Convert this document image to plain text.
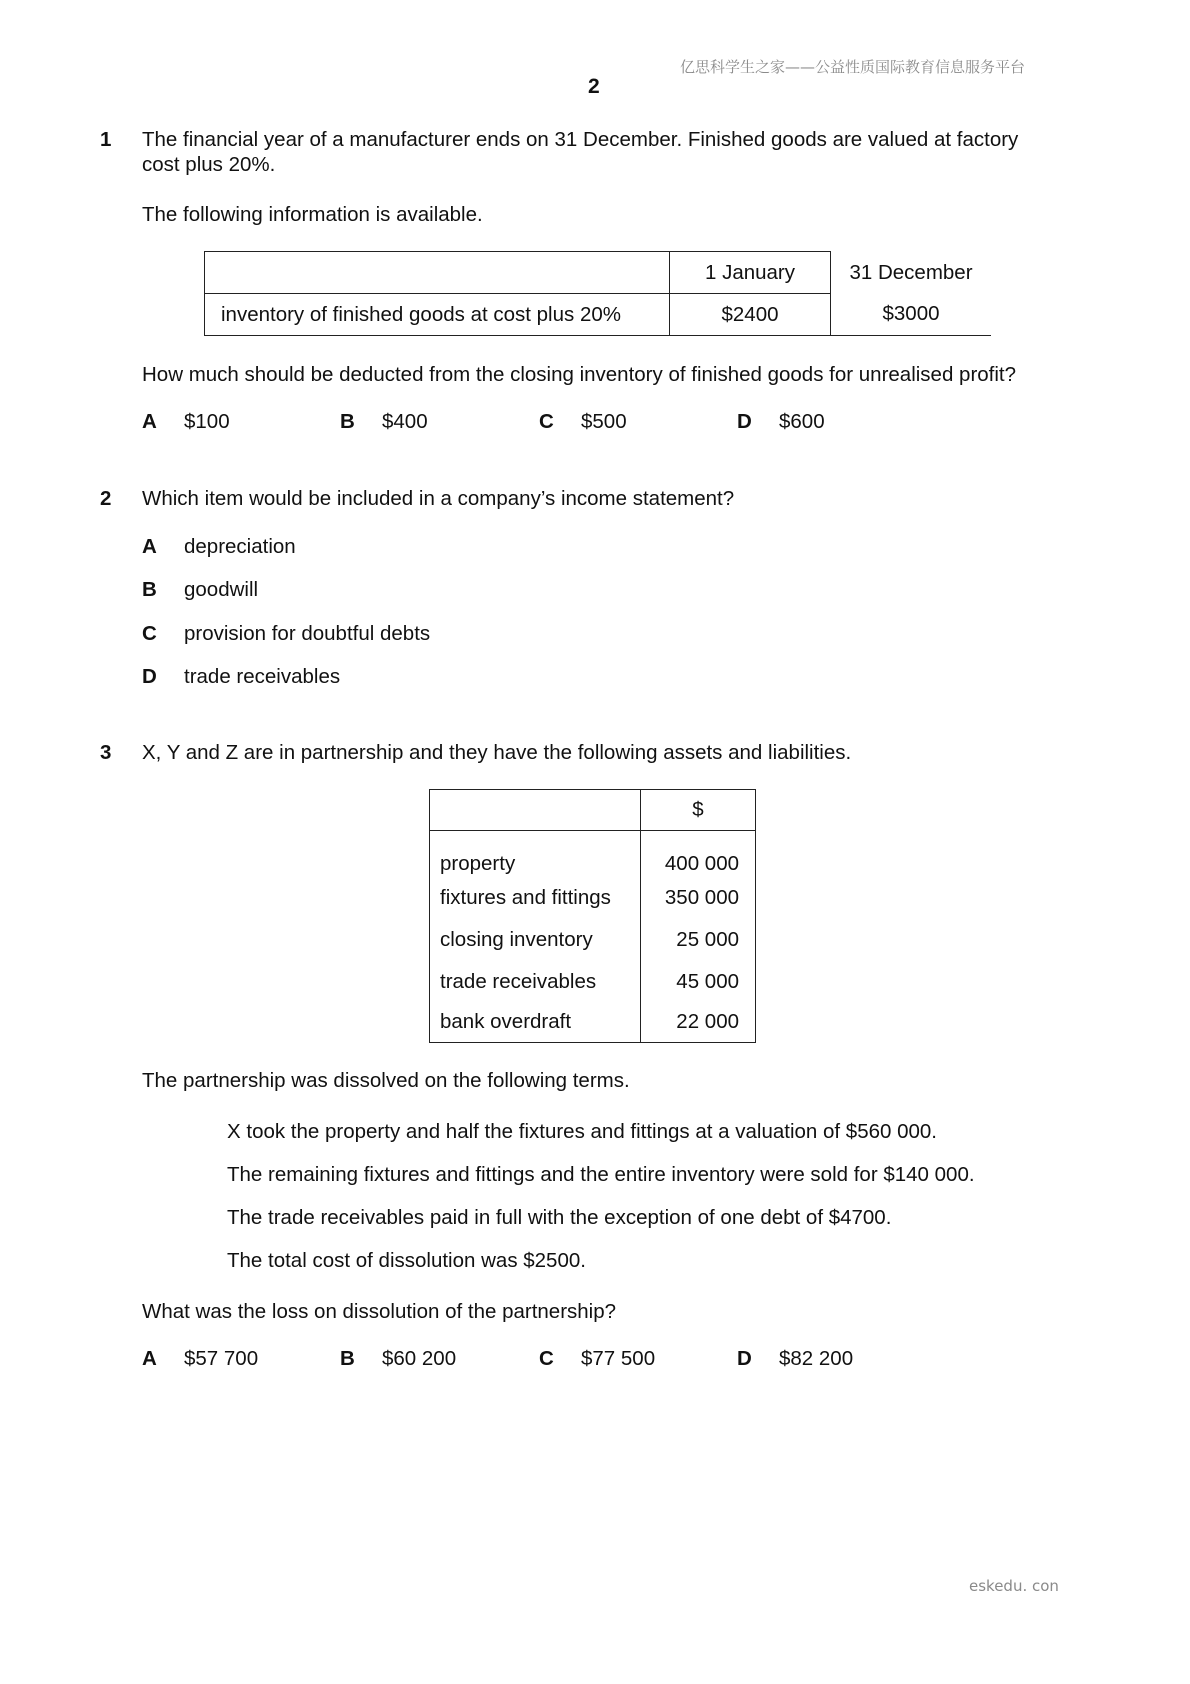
亿思科学生之家——公益性质国际教育信息服务平台
2
1 The financial year of a manufacturer ends on 31 December. Finished goods are valued at factory
cost plus 20%.
The following information is available.
	1 January	31 December
inventory of finished goods at cost plus 20%	$2400	$3000
How much should be deducted from the closing inventory of finished goods for unrealised profit?
A $100	B $400	C $500	D $600
2 Which item would be included in a company’s income statement?
A depreciation
B goodwill
C provision for doubtful debts
D trade receivables
3 X, Y and Z are in partnership and they have the following assets and liabilities.
	$
property	400 000
fixtures and fittings	350 000
closing inventory	25 000
trade receivables	45 000
bank overdraft	22 000
The partnership was dissolved on the following terms.
X took the property and half the fixtures and fittings at a valuation of $560 000.
The remaining fixtures and fittings and the entire inventory were sold for $140 000.
The trade receivables paid in full with the exception of one debt of $4700.
The total cost of dissolution was $2500.
What was the loss on dissolution of the partnership?
A $57 700	B $60 200	C $77 500	D $82 200
eskedu. con
